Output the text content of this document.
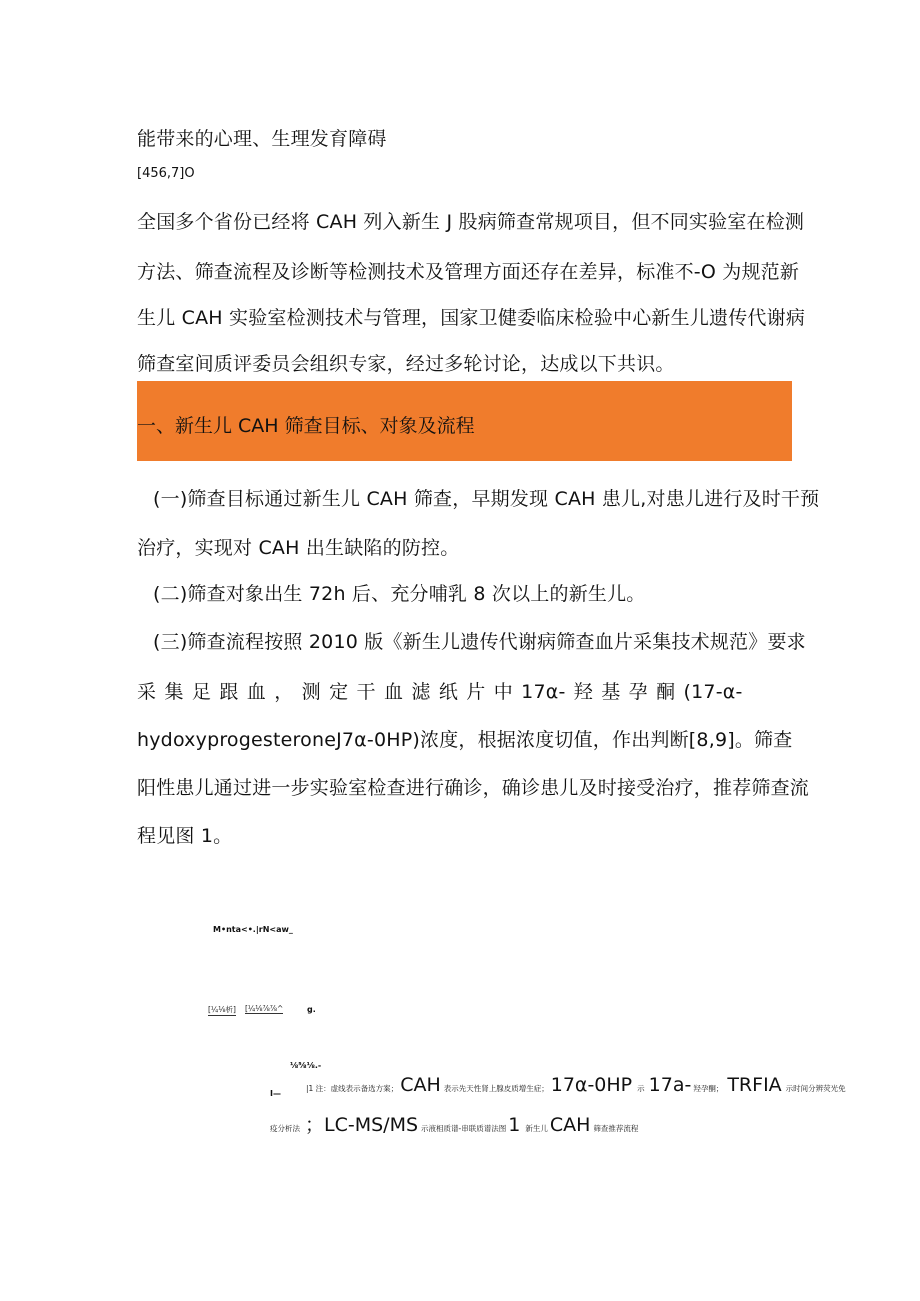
能带来的心理、生理发育障碍
[456,7]O
全国多个省份已经将 CAH 列入新生 J 股病筛查常规项目，但不同实验室在检测
方法、筛查流程及诊断等检测技术及管理方面还存在差异，标准不-O 为规范新
生儿 CAH 实验室检测技术与管理，国家卫健委临床检验中心新生儿遗传代谢病
筛查室间质评委员会组织专家，经过多轮讨论，达成以下共识。
一、新生儿 CAH 筛查目标、对象及流程
(一)筛查目标通过新生儿 CAH 筛查，早期发现 CAH 患儿,对患儿进行及时干预
治疗，实现对 CAH 出生缺陷的防控。
(二)筛查对象出生 72h 后、充分哺乳 8 次以上的新生儿。
(三)筛查流程按照 2010 版《新生儿遗传代谢病筛查血片采集技术规范》要求
采 集 足 跟 血 ， 测 定 干 血 滤 纸 片 中 17α- 羟 基 孕 酮 (17-α-
hydoxyprogesteroneJ7α-0HP)浓度，根据浓度切值，作出判断[8,9]。筛查
阳性患儿通过进一步实验室检查进行确诊，确诊患儿及时接受治疗，推荐筛查流
程见图 1。
M•nta<•.|rN<aw_
[¼⅛析] [¼⅛⅞⅞^	g.
⅛⅝⅛.-
I—
|1 注：虚线表示备选方案； CAH 表示先天性肾上腺皮质增生症； 17α-0HP 示 17a- 羟孕酮； TRFIA 示时间分辨荧光免
疫分析法 ；LC-MS/MS 示液相质谱-串联质谱法图 1 新生儿 CAH 筛查推荐流程
